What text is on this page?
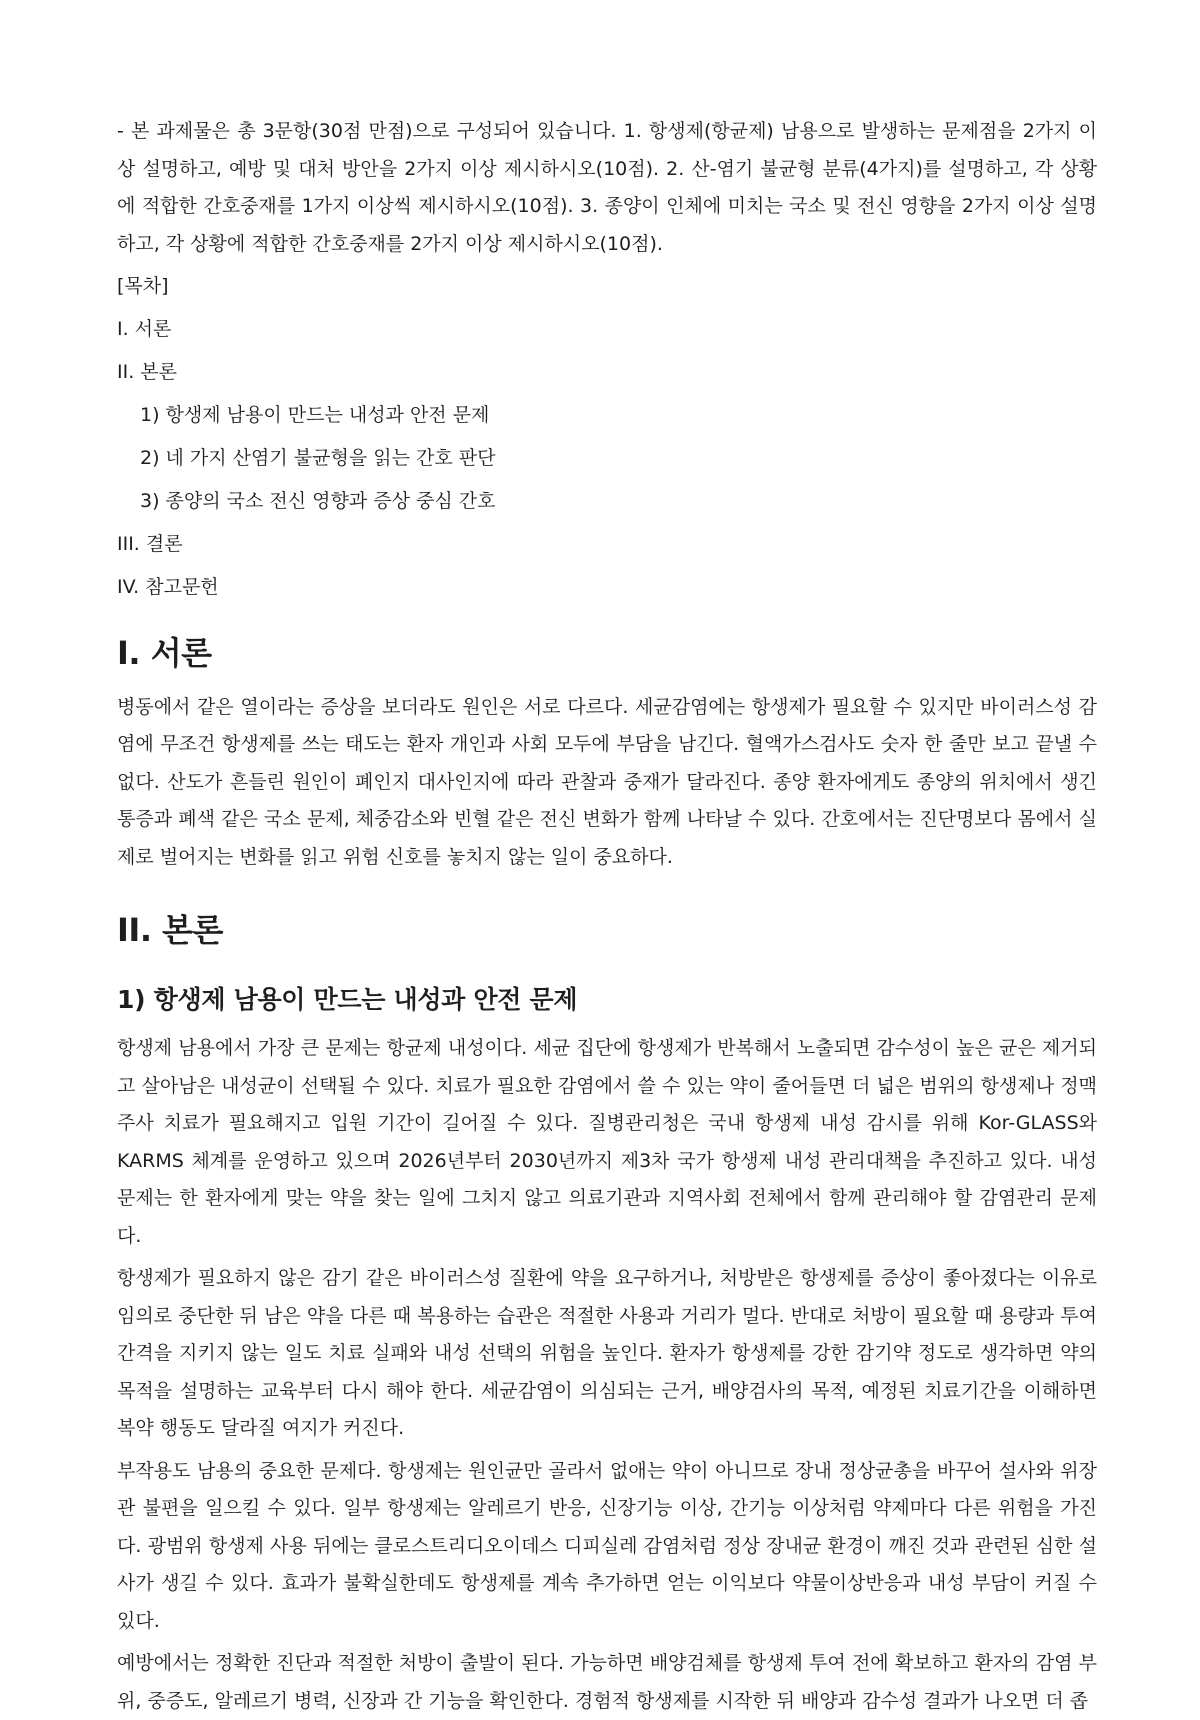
- 본 과제물은 총 3문항(30점 만점)으로 구성되어 있습니다. 1. 항생제(항균제) 남용으로 발생하는 문제점을 2가지 이상 설명하고, 예방 및 대처 방안을 2가지 이상 제시하시오(10점). 2. 산-염기 불균형 분류(4가지)를 설명하고, 각 상황에 적합한 간호중재를 1가지 이상씩 제시하시오(10점). 3. 종양이 인체에 미치는 국소 및 전신 영향을 2가지 이상 설명하고, 각 상황에 적합한 간호중재를 2가지 이상 제시하시오(10점).

[목차]
I. 서론
II. 본론
1) 항생제 남용이 만드는 내성과 안전 문제
2) 네 가지 산염기 불균형을 읽는 간호 판단
3) 종양의 국소 전신 영향과 증상 중심 간호
III. 결론
IV. 참고문헌
I. 서론

병동에서 같은 열이라는 증상을 보더라도 원인은 서로 다르다. 세균감염에는 항생제가 필요할 수 있지만 바이러스성 감염에 무조건 항생제를 쓰는 태도는 환자 개인과 사회 모두에 부담을 남긴다. 혈액가스검사도 숫자 한 줄만 보고 끝낼 수 없다. 산도가 흔들린 원인이 폐인지 대사인지에 따라 관찰과 중재가 달라진다. 종양 환자에게도 종양의 위치에서 생긴 통증과 폐색 같은 국소 문제, 체중감소와 빈혈 같은 전신 변화가 함께 나타날 수 있다. 간호에서는 진단명보다 몸에서 실제로 벌어지는 변화를 읽고 위험 신호를 놓치지 않는 일이 중요하다.

II. 본론
1) 항생제 남용이 만드는 내성과 안전 문제

항생제 남용에서 가장 큰 문제는 항균제 내성이다. 세균 집단에 항생제가 반복해서 노출되면 감수성이 높은 균은 제거되고 살아남은 내성균이 선택될 수 있다. 치료가 필요한 감염에서 쓸 수 있는 약이 줄어들면 더 넓은 범위의 항생제나 정맥주사 치료가 필요해지고 입원 기간이 길어질 수 있다. 질병관리청은 국내 항생제 내성 감시를 위해 Kor-GLASS와 KARMS 체계를 운영하고 있으며 2026년부터 2030년까지 제3차 국가 항생제 내성 관리대책을 추진하고 있다. 내성 문제는 한 환자에게 맞는 약을 찾는 일에 그치지 않고 의료기관과 지역사회 전체에서 함께 관리해야 할 감염관리 문제다.

항생제가 필요하지 않은 감기 같은 바이러스성 질환에 약을 요구하거나, 처방받은 항생제를 증상이 좋아졌다는 이유로 임의로 중단한 뒤 남은 약을 다른 때 복용하는 습관은 적절한 사용과 거리가 멀다. 반대로 처방이 필요할 때 용량과 투여 간격을 지키지 않는 일도 치료 실패와 내성 선택의 위험을 높인다. 환자가 항생제를 강한 감기약 정도로 생각하면 약의 목적을 설명하는 교육부터 다시 해야 한다. 세균감염이 의심되는 근거, 배양검사의 목적, 예정된 치료기간을 이해하면 복약 행동도 달라질 여지가 커진다.

부작용도 남용의 중요한 문제다. 항생제는 원인균만 골라서 없애는 약이 아니므로 장내 정상균총을 바꾸어 설사와 위장관 불편을 일으킬 수 있다. 일부 항생제는 알레르기 반응, 신장기능 이상, 간기능 이상처럼 약제마다 다른 위험을 가진다. 광범위 항생제 사용 뒤에는 클로스트리디오이데스 디피실레 감염처럼 정상 장내균 환경이 깨진 것과 관련된 심한 설사가 생길 수 있다. 효과가 불확실한데도 항생제를 계속 추가하면 얻는 이익보다 약물이상반응과 내성 부담이 커질 수 있다.

예방에서는 정확한 진단과 적절한 처방이 출발이 된다. 가능하면 배양검체를 항생제 투여 전에 확보하고 환자의 감염 부위, 중증도, 알레르기 병력, 신장과 간 기능을 확인한다. 경험적 항생제를 시작한 뒤 배양과 감수성 결과가 나오면 더 좁
